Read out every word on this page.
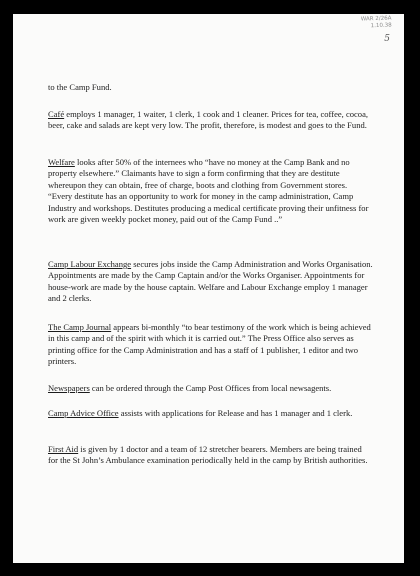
WAR 2/26A
1.10.38
5

to the Camp Fund.

Café employs 1 manager, 1 waiter, 1 clerk, 1 cook and 1 cleaner. Prices for tea, coffee, cocoa, beer, cake and salads are kept very low. The profit, therefore, is modest and goes to the Fund.

Welfare looks after 50% of the internees who “have no money at the Camp Bank and no property elsewhere.” Claimants have to sign a form confirming that they are destitute whereupon they can obtain, free of charge, boots and clothing from Government stores. “Every destitute has an opportunity to work for money in the camp administration, Camp Industry and workshops. Destitutes producing a medical certificate proving their unfitness for work are given weekly pocket money, paid out of the Camp Fund ..”

Camp Labour Exchange secures jobs inside the Camp Administration and Works Organisation. Appointments are made by the Camp Captain and/or the Works Organiser. Appointments for house-work are made by the house captain. Welfare and Labour Exchange employ 1 manager and 2 clerks.

The Camp Journal appears bi-monthly “to bear testimony of the work which is being achieved in this camp and of the spirit with which it is carried out.” The Press Office also serves as printing office for the Camp Administration and has a staff of 1 publisher, 1 editor and two printers.

Newspapers can be ordered through the Camp Post Offices from local newsagents.

Camp Advice Office assists with applications for Release and has 1 manager and 1 clerk.

First Aid is given by 1 doctor and a team of 12 stretcher bearers. Members are being trained for the St John’s Ambulance examination periodically held in the camp by British authorities.
